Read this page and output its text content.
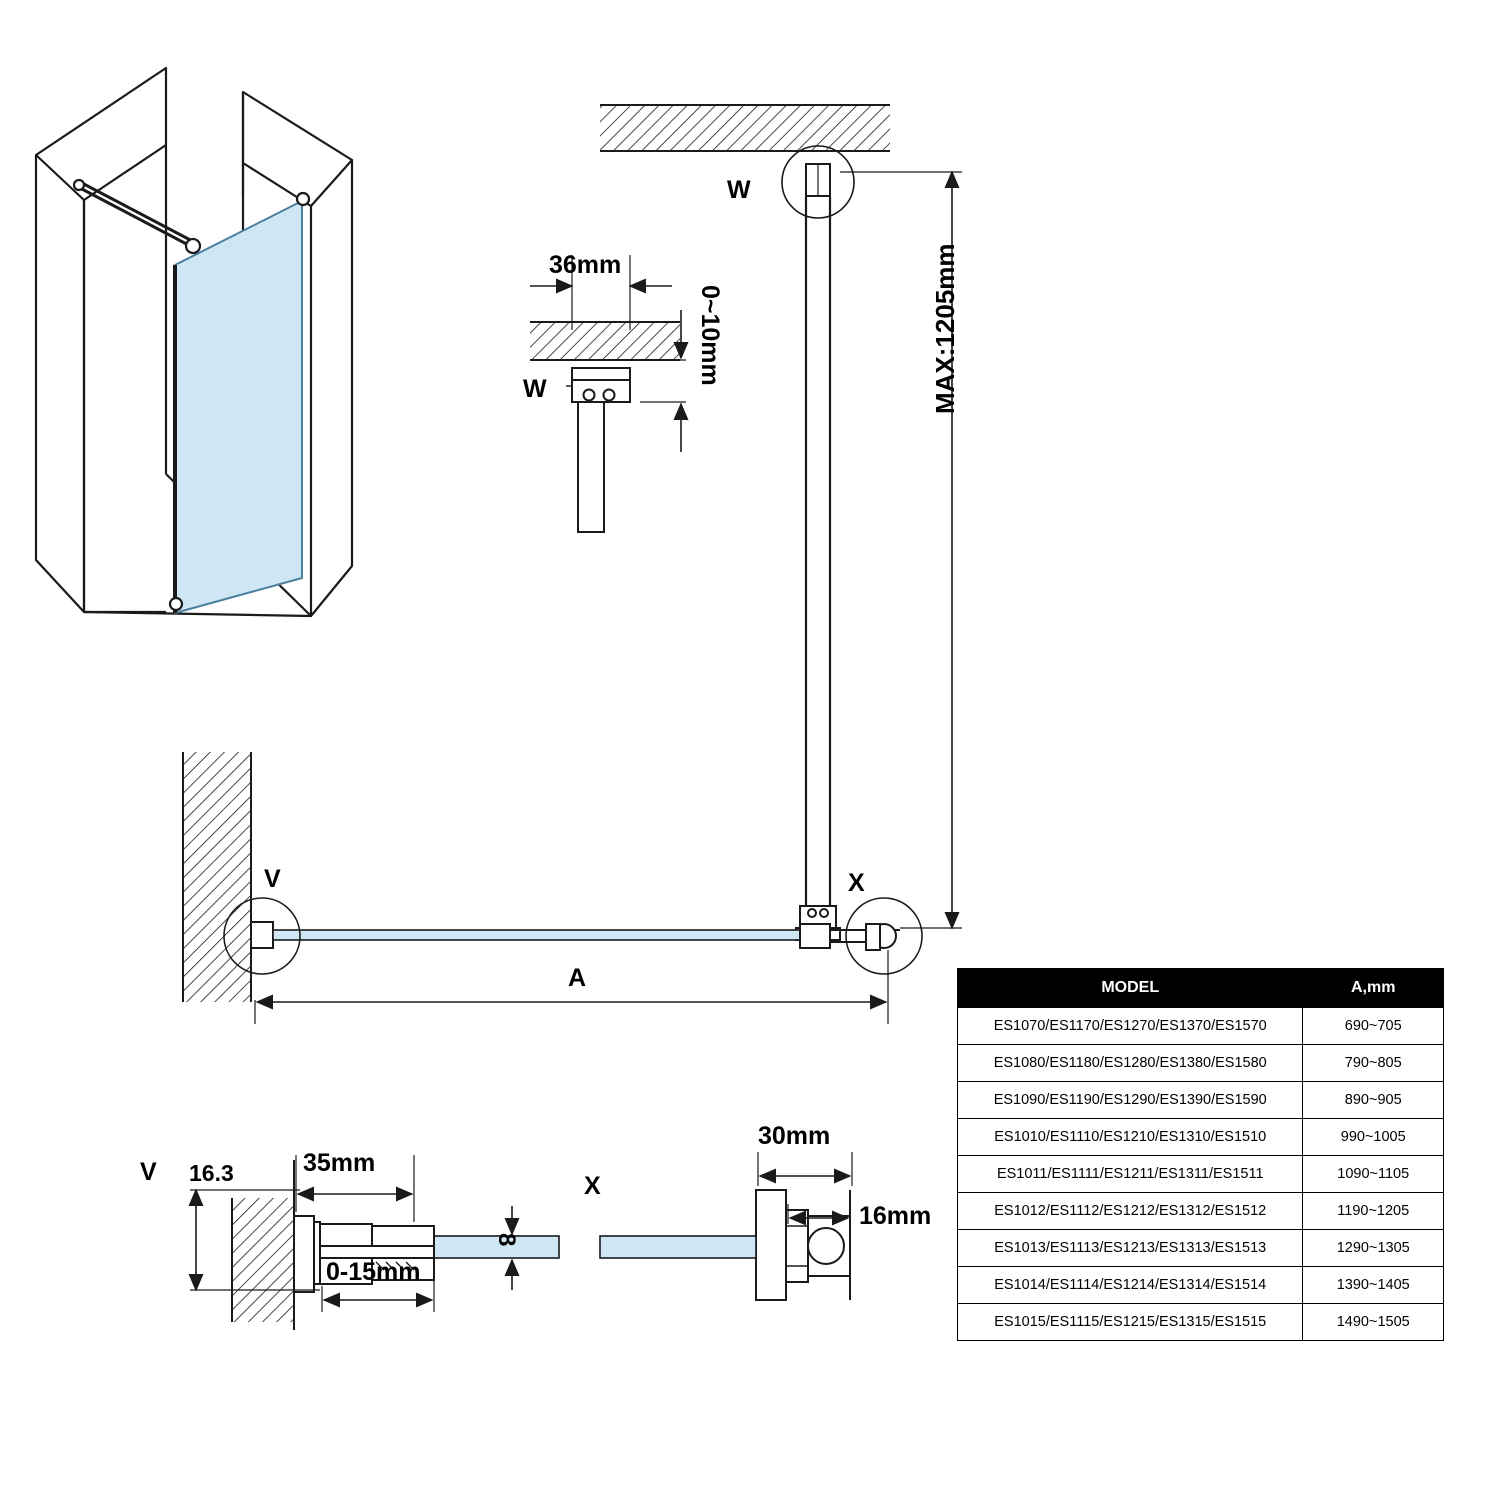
W
W
36mm
0~10mm	MAX:1205mm
V	X
A
V 16.3	35mm
8
0-15mm
X
30mm
16mm
MODEL	A,mm
ES1070/ES1170/ES1270/ES1370/ES1570	690~705
ES1080/ES1180/ES1280/ES1380/ES1580	790~805
ES1090/ES1190/ES1290/ES1390/ES1590	890~905
ES1010/ES1110/ES1210/ES1310/ES1510	990~1005
ES1011/ES1111/ES1211/ES1311/ES1511	1090~1105
ES1012/ES1112/ES1212/ES1312/ES1512	1190~1205
ES1013/ES1113/ES1213/ES1313/ES1513	1290~1305
ES1014/ES1114/ES1214/ES1314/ES1514	1390~1405
ES1015/ES1115/ES1215/ES1315/ES1515	1490~1505
